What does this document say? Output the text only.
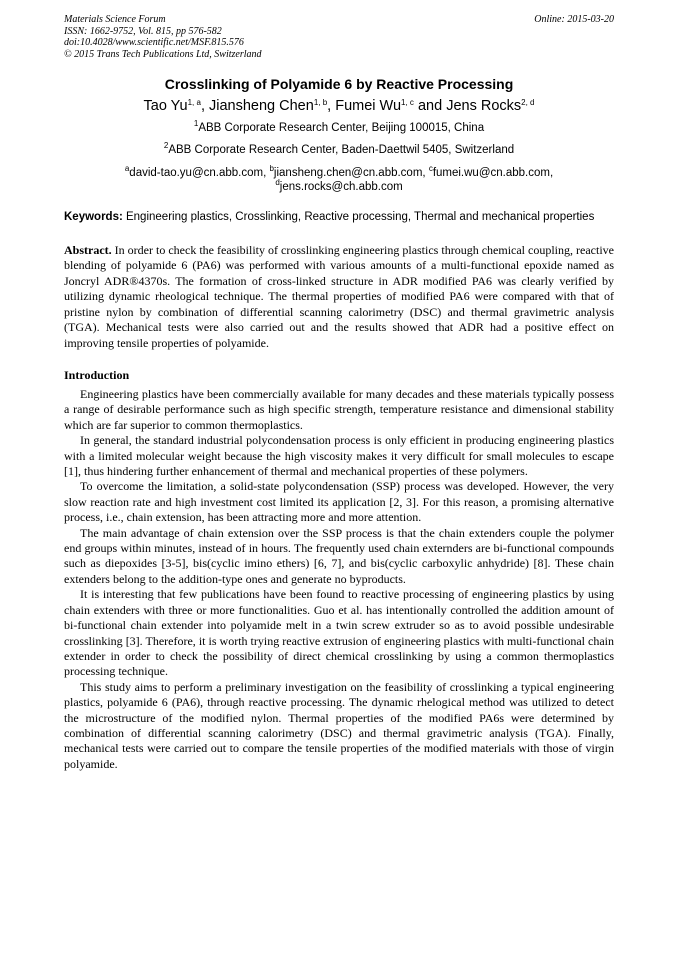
Materials Science Forum
ISSN: 1662-9752, Vol. 815, pp 576-582
doi:10.4028/www.scientific.net/MSF.815.576
© 2015 Trans Tech Publications Ltd, Switzerland
Online: 2015-03-20
Crosslinking of Polyamide 6 by Reactive Processing
Tao Yu$^{1, a}$, Jiansheng Chen$^{1, b}$, Fumei Wu$^{1, c}$ and Jens Rocks$^{2, d}$
$^1$ABB Corporate Research Center, Beijing 100015, China
$^2$ABB Corporate Research Center, Baden-Daettwil 5405, Switzerland
$^a$david-tao.yu@cn.abb.com, $^b$jiansheng.chen@cn.abb.com, $^c$fumei.wu@cn.abb.com,
$^d$jens.rocks@ch.abb.com
Keywords: Engineering plastics, Crosslinking, Reactive processing, Thermal and mechanical properties
Abstract. In order to check the feasibility of crosslinking engineering plastics through chemical coupling, reactive blending of polyamide 6 (PA6) was performed with various amounts of a multi-functional epoxide named as Joncryl ADR®4370s. The formation of cross-linked structure in ADR modified PA6 was clearly verified by utilizing dynamic rheological technique. The thermal properties of modified PA6 were compared with that of pristine nylon by combination of differential scanning calorimetry (DSC) and thermal gravimetric analysis (TGA). Mechanical tests were also carried out and the results showed that ADR had a positive effect on improving tensile properties of polyamide.
Introduction

Engineering plastics have been commercially available for many decades and these materials typically possess a range of desirable performance such as high specific strength, temperature resistance and dimensional stability which are far superior to common thermoplastics.

In general, the standard industrial polycondensation process is only efficient in producing engineering plastics with a limited molecular weight because the high viscosity makes it very difficult for small molecules to escape [1], thus hindering further enhancement of thermal and mechanical properties of these polymers.

To overcome the limitation, a solid-state polycondensation (SSP) process was developed. However, the very slow reaction rate and high investment cost limited its application [2, 3]. For this reason, a promising alternative process, i.e., chain extension, has been attracting more and more attention.

The main advantage of chain extension over the SSP process is that the chain extenders couple the polymer end groups within minutes, instead of in hours. The frequently used chain externders are bi-functional compounds such as diepoxides [3-5], bis(cyclic imino ethers) [6, 7], and bis(cyclic carboxylic anhydride) [8]. These chain extenders belong to the addition-type ones and generate no byproducts.

It is interesting that few publications have been found to reactive processing of engineering plastics by using chain extenders with three or more functionalities. Guo et al. has intentionally controlled the addition amount of bi-functional chain extender into polyamide melt in a twin screw extruder so as to avoid possible undesirable crosslinking [3]. Therefore, it is worth trying reactive extrusion of engineering plastics with multi-functional chain extender in order to check the possibility of direct chemical crosslinking by using a common thermoplastics processing technique.

This study aims to perform a preliminary investigation on the feasibility of crosslinking a typical engineering plastics, polyamide 6 (PA6), through reactive processing. The dynamic rhelogical method was utilized to detect the microstructure of the modified nylon. Thermal properties of the modified PA6s were determined by combination of differential scanning calorimetry (DSC) and thermal gravimetric analysis (TGA). Finally, mechanical tests were carried out to compare the tensile properties of the modified materials with those of virgin polyamide.
